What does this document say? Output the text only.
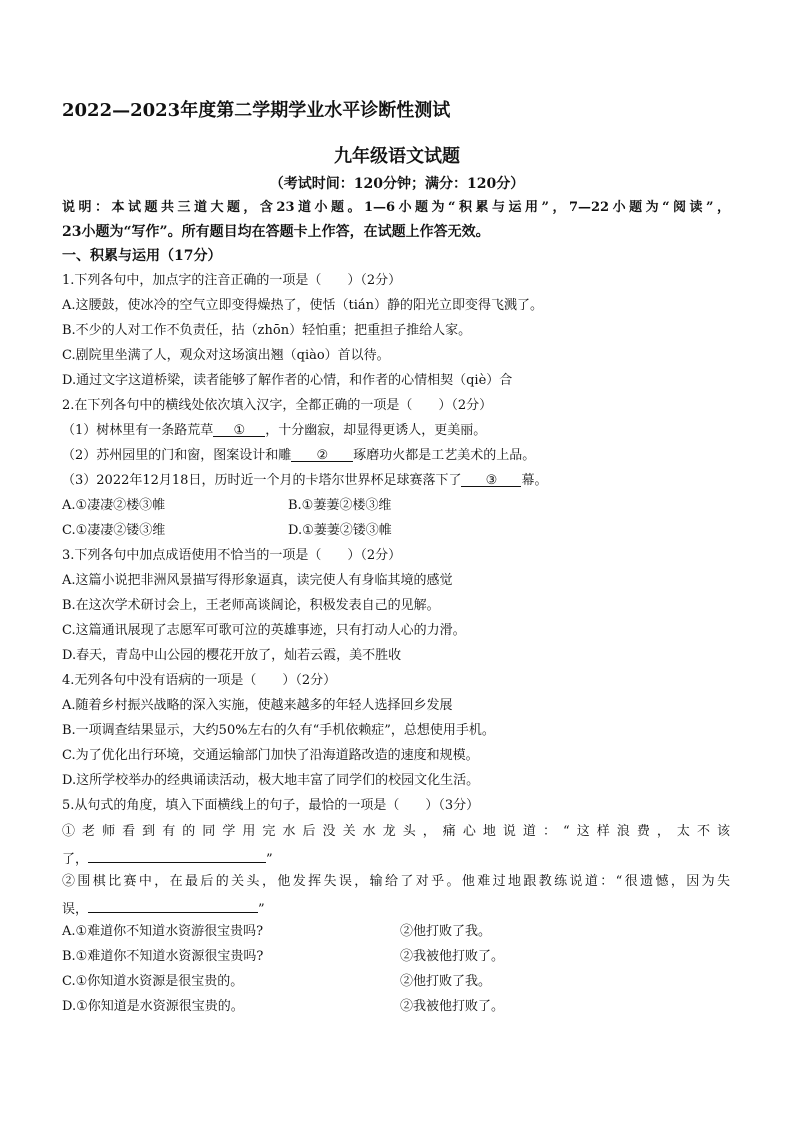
2022—2023年度第二学期学业水平诊断性测试
九年级语文试题
（考试时间：120分钟；满分：120分）
说明：本试题共三道大题，含23道小题。1—6小题为“积累与运用”，7—22小题为“阅读”，
23小题为“写作”。所有题目均在答题卡上作答，在试题上作答无效。
一、积累与运用（17分）
1.下列各句中，加点字的注音正确的一项是（　　）（2分）
A.这腰鼓，使冰冷的空气立即变得燥热了，使恬（tián）静的阳光立即变得飞溅了。
B.不少的人对工作不负责任，拈（zhōn）轻怕重；把重担子推给人家。
C.剧院里坐满了人，观众对这场演出翘（qiào）首以待。
D.通过文字这道桥梁，读者能够了解作者的心情，和作者的心情相契（qiè）合
2.在下列各句中的横线处依次填入汉字，全都正确的一项是（　　）（2分）
（1）树林里有一条路荒草 ① ，十分幽寂，却显得更诱人，更美丽。
（2）苏州园里的门和窗，图案设计和雕 ② 琢磨功火都是工艺美术的上品。
（3）2022年12月18日，历时近一个月的卡塔尔世界杯足球赛落下了 ③ 幕。
A.①凄凄②楼③帷	B.①萋萋②楼③维
C.①凄凄②镂③维	D.①萋萋②镂③帷
3.下列各句中加点成语使用不恰当的一项是（　　）（2分）
A.这篇小说把非洲风景描写得形象逼真，读完使人有身临其境的感觉
B.在这次学术研讨会上，王老师高谈阔论，积极发表自己的见解。
C.这篇通讯展现了志愿军可歌可泣的英雄事迹，只有打动人心的力滑。
D.春天，青岛中山公园的樱花开放了，灿若云霞，美不胜收
4.无列各句中没有语病的一项是（　　）（2分）
A.随着乡村振兴战略的深入实施，使越来越多的年轻人选择回乡发展
B.一项调查结果显示，大约50%左右的久有“手机依赖症”，总想使用手机。
C.为了优化出行环境，交通运输部门加快了沿海道路改造的速度和规模。
D.这所学校举办的经典诵读活动，极大地丰富了同学们的校园文化生活。
5.从句式的角度，填入下面横线上的句子，最恰的一项是（　　）（3分）
①老师看到有的同学用完水后没关水龙头，痛心地说道：“这样浪费，太不该
了，	”
②围棋比赛中，在最后的关头，他发挥失误，输给了对乎。他难过地跟教练说道：“很遗憾，因为失
误，	”
A.①难道你不知道水资游很宝贵吗?	②他打败了我。
B.①难道你不知道水资源很宝贵吗?	②我被他打败了。
C.①你知道水资源是很宝贵的。	②他打败了我。
D.①你知道是水资源很宝贵的。	②我被他打败了。
